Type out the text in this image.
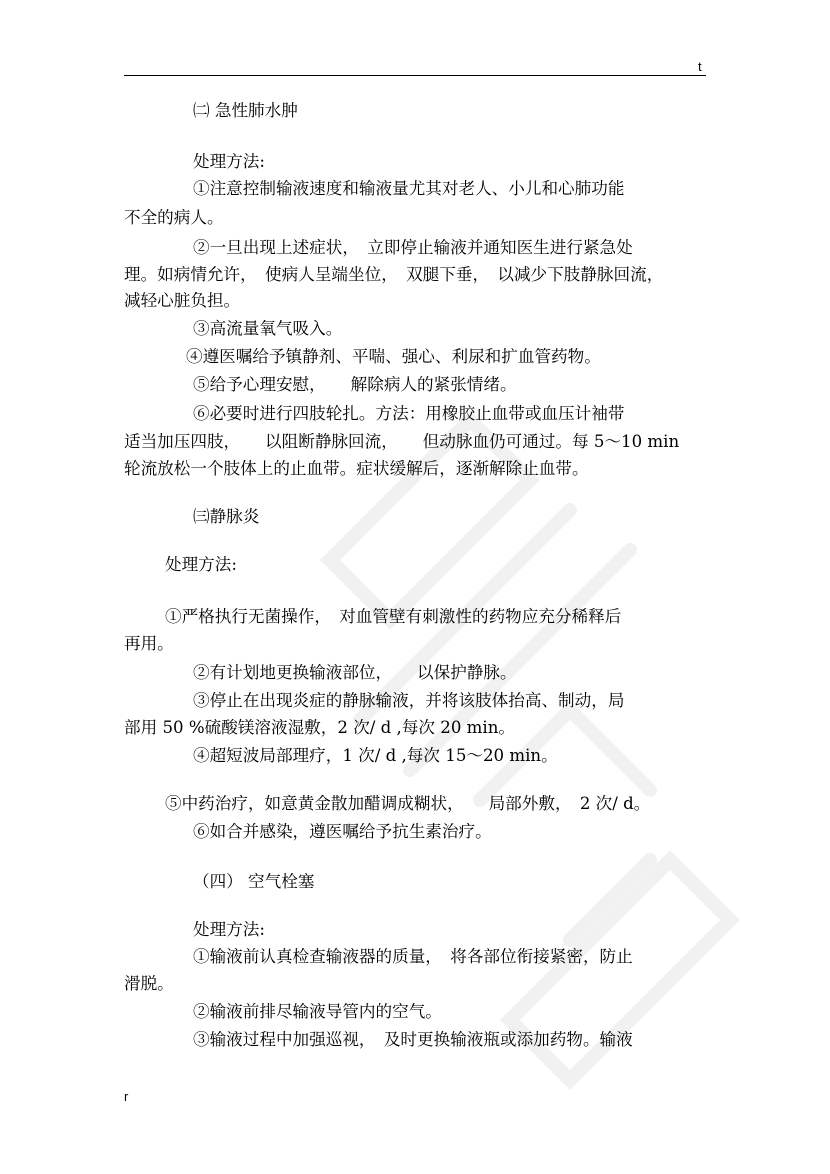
t
㈡ 急性肺水肿
处理方法:
①注意控制输液速度和输液量尤其对老人、小儿和心肺功能
不全的病人。
②一旦出现上述症状，　立即停止输液并通知医生进行紧急处
理。如病情允许，　使病人呈端坐位，　双腿下垂，　以减少下肢静脉回流，
减轻心脏负担。
③高流量氧气吸入。
④遵医嘱给予镇静剂、平喘、强心、利尿和扩血管药物。
⑤给予心理安慰，　　解除病人的紧张情绪。
⑥必要时进行四肢轮扎。方法：用橡胶止血带或血压计袖带
适当加压四肢，　　以阻断静脉回流，　　但动脉血仍可通过。每 5～10 min
轮流放松一个肢体上的止血带。症状缓解后，逐渐解除止血带。
㈢静脉炎
处理方法:
①严格执行无菌操作，　对血管壁有刺激性的药物应充分稀释后
再用。
②有计划地更换输液部位，　　以保护静脉。
③停止在出现炎症的静脉输液，并将该肢体抬高、制动，局
部用 50 %硫酸镁溶液湿敷，2 次/ d ,每次 20 min。
④超短波局部理疗，1 次/ d ,每次 15～20 min。
⑤中药治疗，如意黄金散加醋调成糊状，　　局部外敷，　2 次/ d。
⑥如合并感染，遵医嘱给予抗生素治疗。
（四） 空气栓塞
处理方法:
①输液前认真检查输液器的质量，　将各部位衔接紧密，防止
滑脱。
②输液前排尽输液导管内的空气。
③输液过程中加强巡视，　及时更换输液瓶或添加药物。输液
r
